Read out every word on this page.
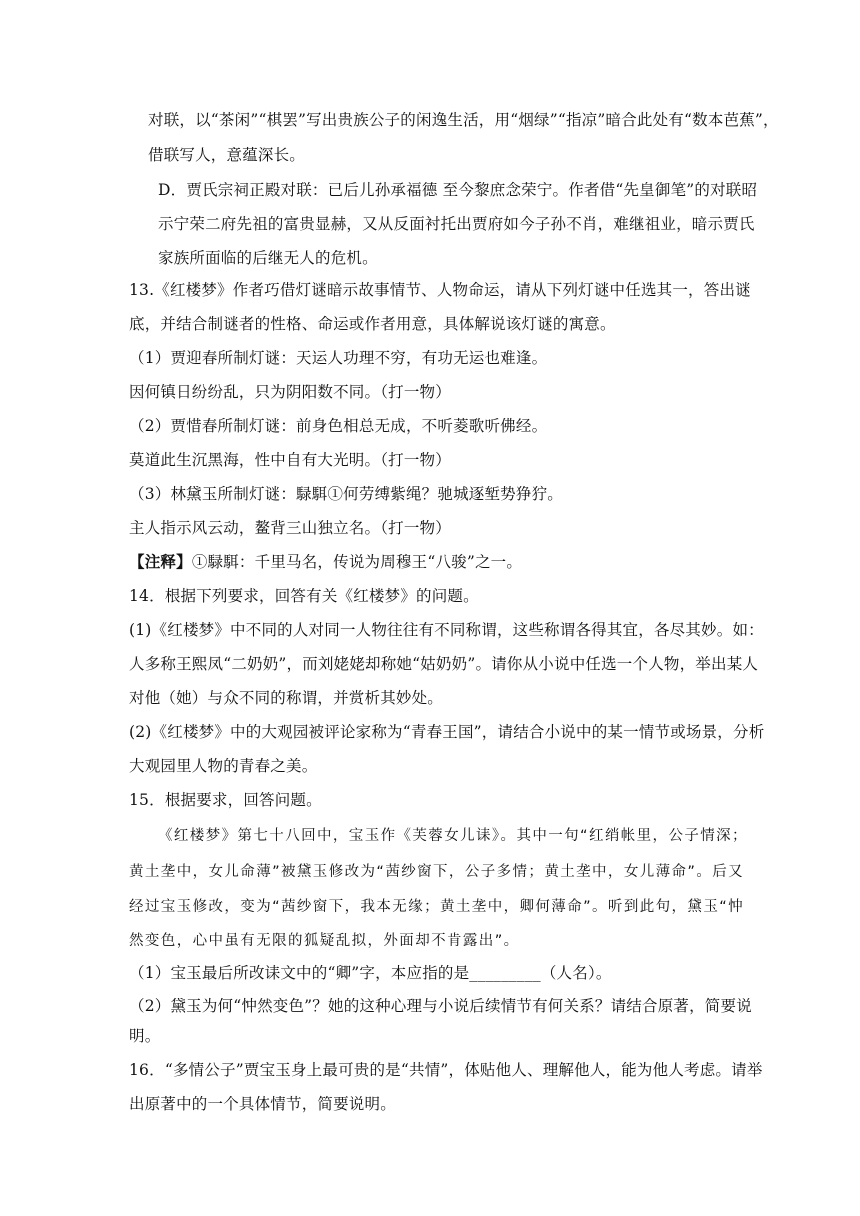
对联，以“茶闲”“棋罢”写出贵族公子的闲逸生活，用“烟绿”“指凉”暗合此处有“数本芭蕉”，
借联写人，意蕴深长。
D．贾氏宗祠正殿对联：已后儿孙承福德 至今黎庶念荣宁。作者借“先皇御笔”的对联昭
示宁荣二府先祖的富贵显赫，又从反面衬托出贾府如今子孙不肖，难继祖业，暗示贾氏
家族所面临的后继无人的危机。
13.《红楼梦》作者巧借灯谜暗示故事情节、人物命运，请从下列灯谜中任选其一，答出谜
底，并结合制谜者的性格、命运或作者用意，具体解说该灯谜的寓意。
（1）贾迎春所制灯谜：天运人功理不穷，有功无运也难逢。
因何镇日纷纷乱，只为阴阳数不同。（打一物）
（2）贾惜春所制灯谜：前身色相总无成，不听菱歌听佛经。
莫道此生沉黑海，性中自有大光明。（打一物）
（3）林黛玉所制灯谜：騄駬①何劳缚紫绳？驰城逐堑势狰狞。
主人指示风云动，鳌背三山独立名。（打一物）
【注释】①騄駬：千里马名，传说为周穆王“八骏”之一。
14．根据下列要求，回答有关《红楼梦》的问题。
(1)《红楼梦》中不同的人对同一人物往往有不同称谓，这些称谓各得其宜，各尽其妙。如：
人多称王熙凤“二奶奶”，而刘姥姥却称她“姑奶奶”。请你从小说中任选一个人物，举出某人
对他（她）与众不同的称谓，并赏析其妙处。
(2)《红楼梦》中的大观园被评论家称为“青春王国”，请结合小说中的某一情节或场景，分析
大观园里人物的青春之美。
15．根据要求，回答问题。
《红楼梦》第七十八回中，宝玉作《芙蓉女儿诔》。其中一句“红绡帐里，公子情深；
黄土垄中，女儿命薄”被黛玉修改为“茜纱窗下，公子多情；黄土垄中，女儿薄命”。后又
经过宝玉修改，变为“茜纱窗下，我本无缘；黄土垄中，卿何薄命”。听到此句，黛玉“忡
然变色，心中虽有无限的狐疑乱拟，外面却不肯露出”。
（1）宝玉最后所改诔文中的“卿”字，本应指的是_________（人名）。
（2）黛玉为何“忡然变色”？她的这种心理与小说后续情节有何关系？请结合原著，简要说
明。
16．“多情公子”贾宝玉身上最可贵的是“共情”，体贴他人、理解他人，能为他人考虑。请举
出原著中的一个具体情节，简要说明。
